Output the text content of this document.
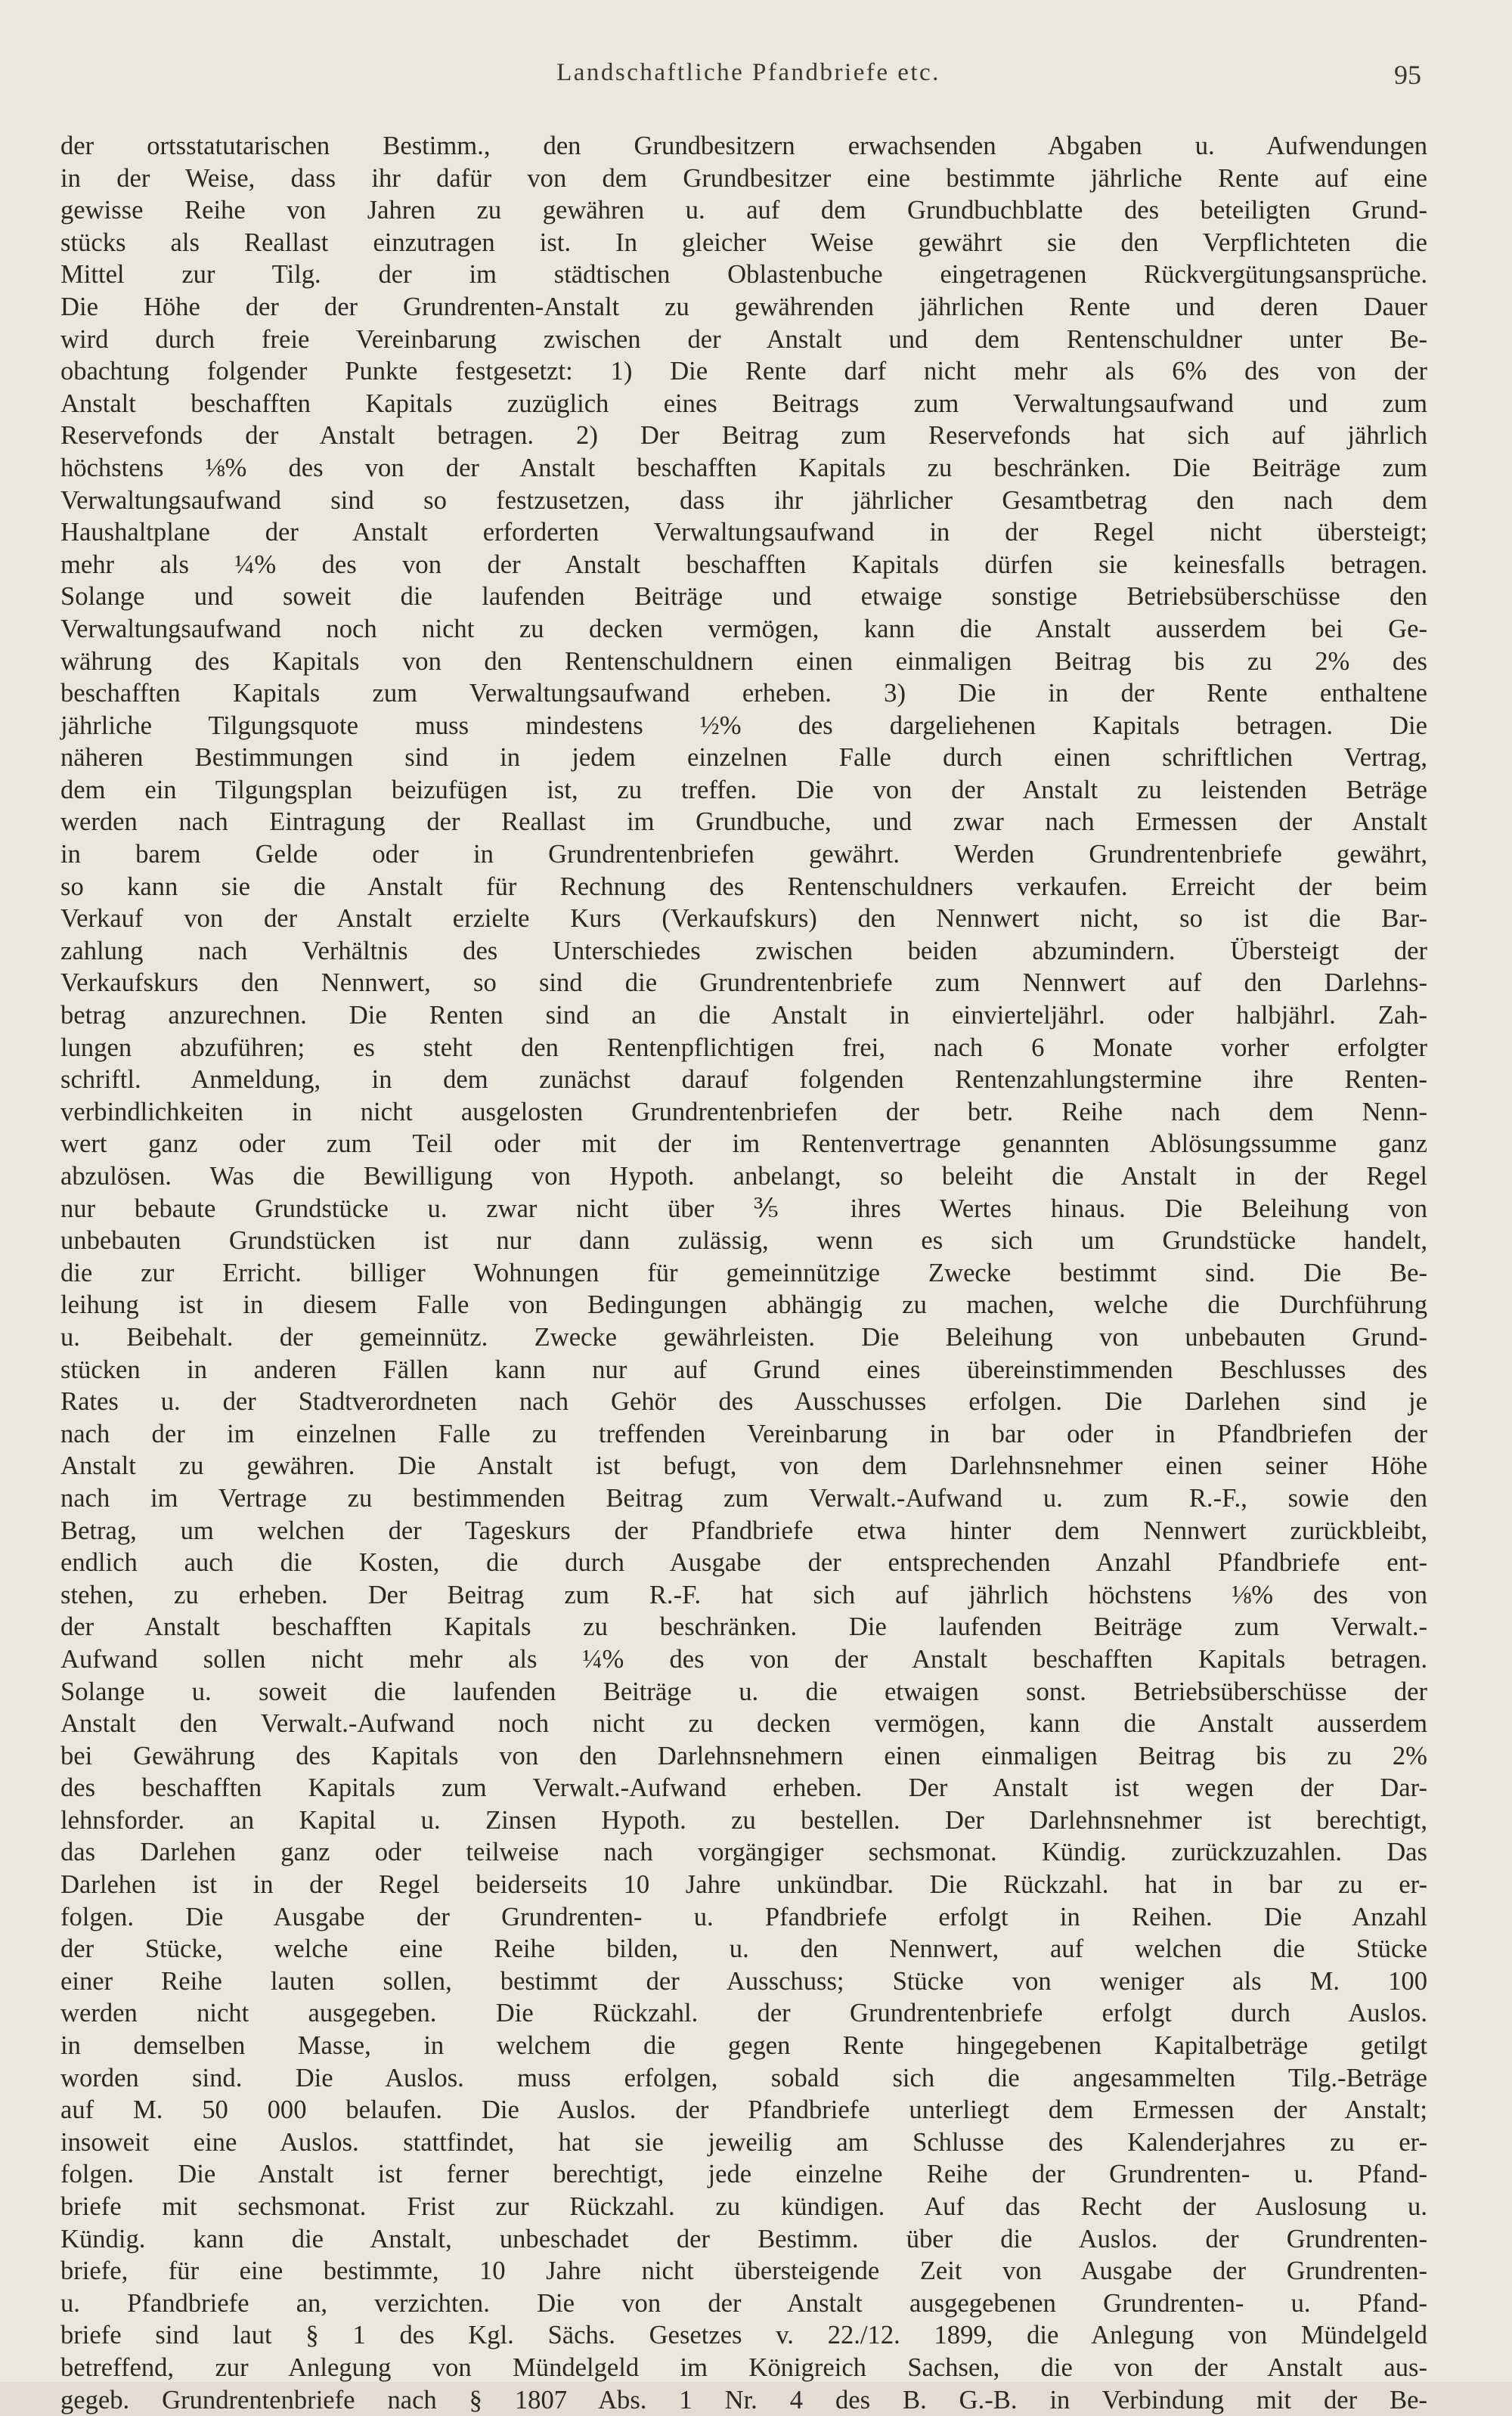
Landschaftliche Pfandbriefe etc.	95
der ortsstatutarischen Bestimm., den Grundbesitzern erwachsenden Abgaben u. Aufwendungen
in der Weise, dass ihr dafür von dem Grundbesitzer eine bestimmte jährliche Rente auf eine
gewisse Reihe von Jahren zu gewähren u. auf dem Grundbuchblatte des beteiligten Grund-
stücks als Reallast einzutragen ist. In gleicher Weise gewährt sie den Verpflichteten die
Mittel zur Tilg. der im städtischen Oblastenbuche eingetragenen Rückvergütungsansprüche.
Die Höhe der der Grundrenten-Anstalt zu gewährenden jährlichen Rente und deren Dauer
wird durch freie Vereinbarung zwischen der Anstalt und dem Rentenschuldner unter Be-
obachtung folgender Punkte festgesetzt: 1) Die Rente darf nicht mehr als 6% des von der
Anstalt beschafften Kapitals zuzüglich eines Beitrags zum Verwaltungsaufwand und zum
Reservefonds der Anstalt betragen. 2) Der Beitrag zum Reservefonds hat sich auf jährlich
höchstens ⅛% des von der Anstalt beschafften Kapitals zu beschränken. Die Beiträge zum
Verwaltungsaufwand sind so festzusetzen, dass ihr jährlicher Gesamtbetrag den nach dem
Haushaltplane der Anstalt erforderten Verwaltungsaufwand in der Regel nicht übersteigt;
mehr als ¼% des von der Anstalt beschafften Kapitals dürfen sie keinesfalls betragen.
Solange und soweit die laufenden Beiträge und etwaige sonstige Betriebsüberschüsse den
Verwaltungsaufwand noch nicht zu decken vermögen, kann die Anstalt ausserdem bei Ge-
währung des Kapitals von den Rentenschuldnern einen einmaligen Beitrag bis zu 2% des
beschafften Kapitals zum Verwaltungsaufwand erheben. 3) Die in der Rente enthaltene
jährliche Tilgungsquote muss mindestens ½% des dargeliehenen Kapitals betragen. Die
näheren Bestimmungen sind in jedem einzelnen Falle durch einen schriftlichen Vertrag,
dem ein Tilgungsplan beizufügen ist, zu treffen. Die von der Anstalt zu leistenden Beträge
werden nach Eintragung der Reallast im Grundbuche, und zwar nach Ermessen der Anstalt
in barem Gelde oder in Grundrentenbriefen gewährt. Werden Grundrentenbriefe gewährt,
so kann sie die Anstalt für Rechnung des Rentenschuldners verkaufen. Erreicht der beim
Verkauf von der Anstalt erzielte Kurs (Verkaufskurs) den Nennwert nicht, so ist die Bar-
zahlung nach Verhältnis des Unterschiedes zwischen beiden abzumindern. Übersteigt der
Verkaufskurs den Nennwert, so sind die Grundrentenbriefe zum Nennwert auf den Darlehns-
betrag anzurechnen. Die Renten sind an die Anstalt in einvierteljährl. oder halbjährl. Zah-
lungen abzuführen; es steht den Rentenpflichtigen frei, nach 6 Monate vorher erfolgter
schriftl. Anmeldung, in dem zunächst darauf folgenden Rentenzahlungstermine ihre Renten-
verbindlichkeiten in nicht ausgelosten Grundrentenbriefen der betr. Reihe nach dem Nenn-
wert ganz oder zum Teil oder mit der im Rentenvertrage genannten Ablösungssumme ganz
abzulösen. Was die Bewilligung von Hypoth. anbelangt, so beleiht die Anstalt in der Regel
nur bebaute Grundstücke u. zwar nicht über ⅗ ihres Wertes hinaus. Die Beleihung von
unbebauten Grundstücken ist nur dann zulässig, wenn es sich um Grundstücke handelt,
die zur Erricht. billiger Wohnungen für gemeinnützige Zwecke bestimmt sind. Die Be-
leihung ist in diesem Falle von Bedingungen abhängig zu machen, welche die Durchführung
u. Beibehalt. der gemeinnütz. Zwecke gewährleisten. Die Beleihung von unbebauten Grund-
stücken in anderen Fällen kann nur auf Grund eines übereinstimmenden Beschlusses des
Rates u. der Stadtverordneten nach Gehör des Ausschusses erfolgen. Die Darlehen sind je
nach der im einzelnen Falle zu treffenden Vereinbarung in bar oder in Pfandbriefen der
Anstalt zu gewähren. Die Anstalt ist befugt, von dem Darlehnsnehmer einen seiner Höhe
nach im Vertrage zu bestimmenden Beitrag zum Verwalt.-Aufwand u. zum R.-F., sowie den
Betrag, um welchen der Tageskurs der Pfandbriefe etwa hinter dem Nennwert zurückbleibt,
endlich auch die Kosten, die durch Ausgabe der entsprechenden Anzahl Pfandbriefe ent-
stehen, zu erheben. Der Beitrag zum R.-F. hat sich auf jährlich höchstens ⅛% des von
der Anstalt beschafften Kapitals zu beschränken. Die laufenden Beiträge zum Verwalt.-
Aufwand sollen nicht mehr als ¼% des von der Anstalt beschafften Kapitals betragen.
Solange u. soweit die laufenden Beiträge u. die etwaigen sonst. Betriebsüberschüsse der
Anstalt den Verwalt.-Aufwand noch nicht zu decken vermögen, kann die Anstalt ausserdem
bei Gewährung des Kapitals von den Darlehnsnehmern einen einmaligen Beitrag bis zu 2%
des beschafften Kapitals zum Verwalt.-Aufwand erheben. Der Anstalt ist wegen der Dar-
lehnsforder. an Kapital u. Zinsen Hypoth. zu bestellen. Der Darlehnsnehmer ist berechtigt,
das Darlehen ganz oder teilweise nach vorgängiger sechsmonat. Kündig. zurückzuzahlen. Das
Darlehen ist in der Regel beiderseits 10 Jahre unkündbar. Die Rückzahl. hat in bar zu er-
folgen. Die Ausgabe der Grundrenten- u. Pfandbriefe erfolgt in Reihen. Die Anzahl
der Stücke, welche eine Reihe bilden, u. den Nennwert, auf welchen die Stücke
einer Reihe lauten sollen, bestimmt der Ausschuss; Stücke von weniger als M. 100
werden nicht ausgegeben. Die Rückzahl. der Grundrentenbriefe erfolgt durch Auslos.
in demselben Masse, in welchem die gegen Rente hingegebenen Kapitalbeträge getilgt
worden sind. Die Auslos. muss erfolgen, sobald sich die angesammelten Tilg.-Beträge
auf M. 50 000 belaufen. Die Auslos. der Pfandbriefe unterliegt dem Ermessen der Anstalt;
insoweit eine Auslos. stattfindet, hat sie jeweilig am Schlusse des Kalenderjahres zu er-
folgen. Die Anstalt ist ferner berechtigt, jede einzelne Reihe der Grundrenten- u. Pfand-
briefe mit sechsmonat. Frist zur Rückzahl. zu kündigen. Auf das Recht der Auslosung u.
Kündig. kann die Anstalt, unbeschadet der Bestimm. über die Auslos. der Grundrenten-
briefe, für eine bestimmte, 10 Jahre nicht übersteigende Zeit von Ausgabe der Grundrenten-
u. Pfandbriefe an, verzichten. Die von der Anstalt ausgegebenen Grundrenten- u. Pfand-
briefe sind laut § 1 des Kgl. Sächs. Gesetzes v. 22./12. 1899, die Anlegung von Mündelgeld
betreffend, zur Anlegung von Mündelgeld im Königreich Sachsen, die von der Anstalt aus-
gegeb. Grundrentenbriefe nach § 1807 Abs. 1 Nr. 4 des B. G.-B. in Verbindung mit der Be-
